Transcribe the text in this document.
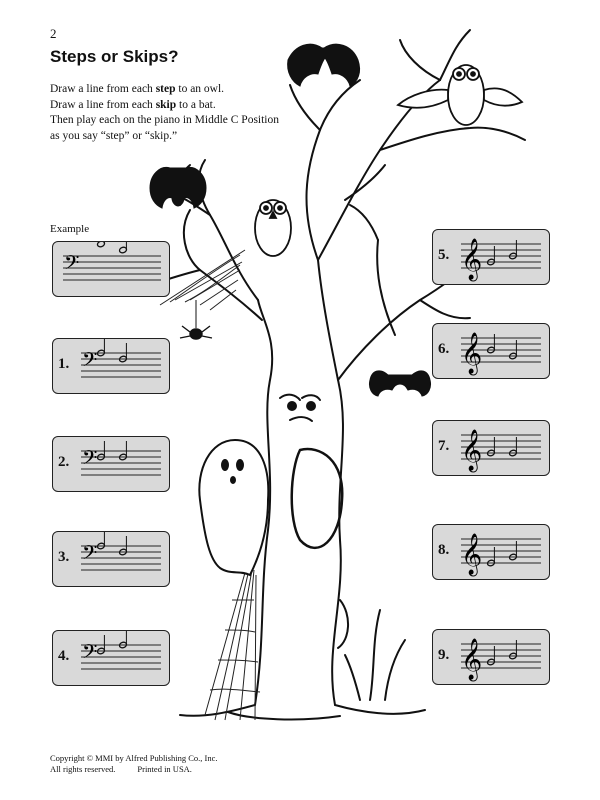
2
Steps or Skips?
Draw a line from each step to an owl.
Draw a line from each skip to a bat.
Then play each on the piano in Middle C Position
as you say “step” or “skip.”
Example
𝄢
𝄢
1.
𝄢
2.
𝄢
3.
𝄢
4.
𝄞
5.
𝄞
6.
𝄞
7.
𝄞
8.
𝄞
9.
Copyright © MMI by Alfred Publishing Co., Inc.
All rights reserved.	Printed in USA.
